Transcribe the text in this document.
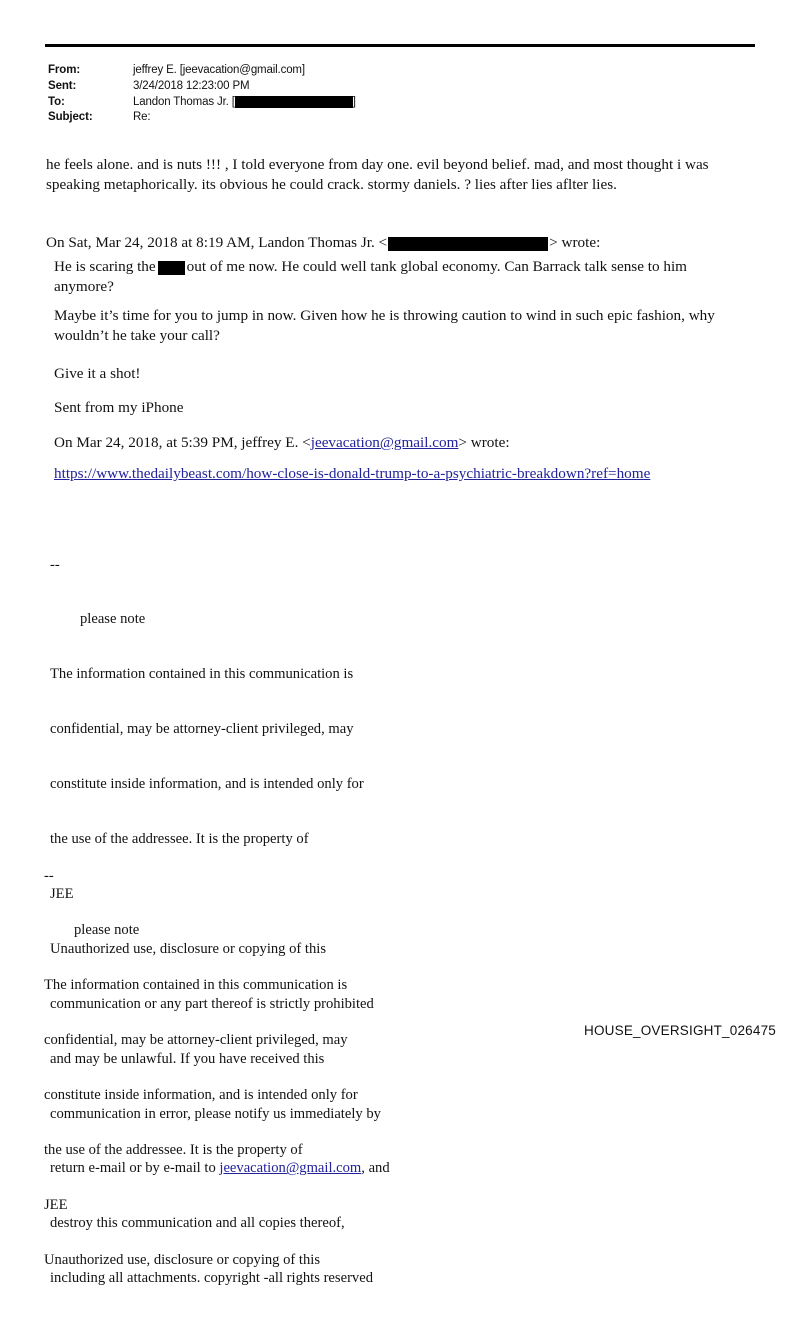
From:	jeffrey E. [jeevacation@gmail.com]
Sent:	3/24/2018 12:23:00 PM
To:	Landon Thomas Jr. [	]
Subject:	Re:

he feels alone. and is nuts !!! , I told everyone from day one. evil beyond belief. mad, and most thought i was speaking metaphorically. its obvious he could crack. stormy daniels. ? lies after lies aflter lies.

On Sat, Mar 24, 2018 at 8:19 AM, Landon Thomas Jr. <	> wrote:

He is scaring the out of me now. He could well tank global economy. Can Barrack talk sense to him anymore?

Maybe it’s time for you to jump in now. Given how he is throwing caution to wind in such epic fashion, why wouldn’t he take your call?

Give it a shot!

Sent from my iPhone

On Mar 24, 2018, at 5:39 PM, jeffrey E. <jeevacation@gmail.com> wrote:

https://www.thedailybeast.com/how-close-is-donald-trump-to-a-psychiatric-breakdown?ref=home

--

please note

The information contained in this communication is

confidential, may be attorney-client privileged, may

constitute inside information, and is intended only for

the use of the addressee. It is the property of

JEE

Unauthorized use, disclosure or copying of this

communication or any part thereof is strictly prohibited

and may be unlawful. If you have received this

communication in error, please notify us immediately by

return e-mail or by e-mail to jeevacation@gmail.com, and

destroy this communication and all copies thereof,

including all attachments. copyright -all rights reserved

--

please note

The information contained in this communication is

confidential, may be attorney-client privileged, may

constitute inside information, and is intended only for

the use of the addressee. It is the property of

JEE

Unauthorized use, disclosure or copying of this

HOUSE_OVERSIGHT_026475
